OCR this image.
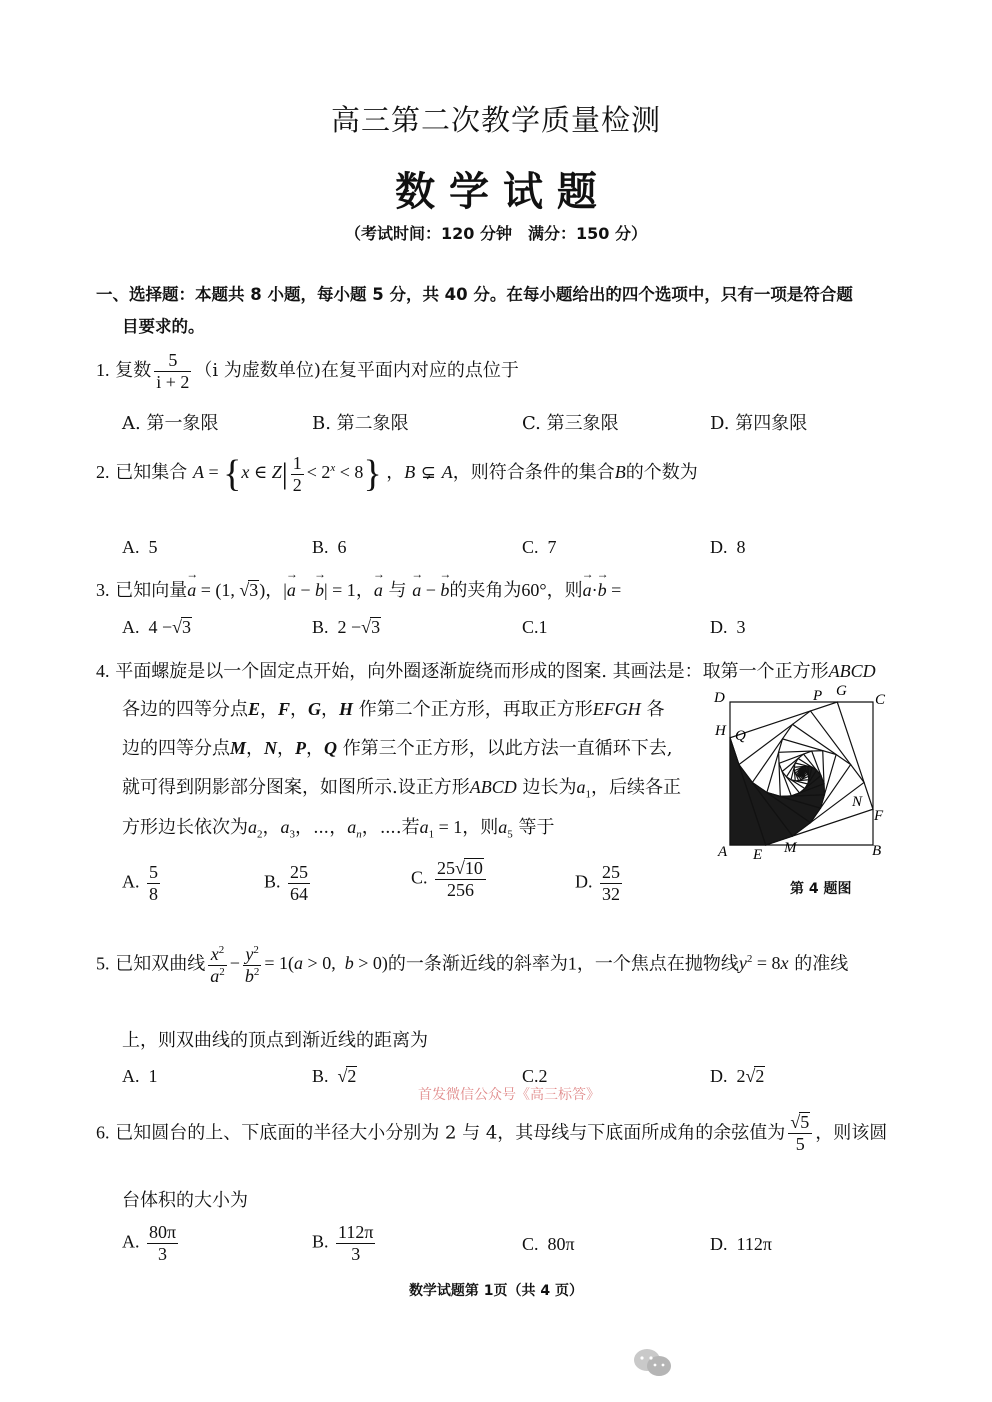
高三第二次教学质量检测
数 学 试 题
（考试时间：120 分钟　满分：150 分）
一、选择题：本题共 8 小题，每小题 5 分，共 40 分。在每小题给出的四个选项中，只有一项是符合题
目要求的。
1. 复数 $\frac{5}{i + 2} (i$ 为虚数单位)在复平面内对应的点位于
A. 第一象限	B. 第二象限	C. 第三象限	D. 第四象限
2. 已知集合 A = {x ∈ $Z| \frac{1}{2} < 2^x < 8$} ，B ⊊ A，则符合条件的集合B的个数为
A.  5	B.  6	C.  7	D.  8
3. 已知向量→ a = (1, √3)，|→ a − → b| = 1，→ a 与 → a − → b的夹角为60°，则→ a·→ b =
A.  4 −√3	B.  2 −√3	C.1	D.  3
4. 平面螺旋是以一个固定点开始，向外圈逐渐旋绕而形成的图案. 其画法是：取第一个正方形ABCD
各边的四等分点E，F，G，H 作第二个正方形，再取正方形EFGH 各
边的四等分点M，N，P，Q 作第三个正方形，以此方法一直循环下去,
就可得到阴影部分图案，如图所示.设正方形ABCD 边长为$a_1$，后续各正
方形边长依次为$a_2$，$a_3$，⋯，$a_n$，⋯.若$a_1 = 1$，则$a_5$ 等于
D	C
A	B
H
G
P
Q
F
N
E M
第 4 题图
A. $\frac{5}{8}$	B. $\frac{25}{64}$	C. $\frac{25√10}{256}$	D. $\frac{25}{32}$
5. 已知双曲线 $\frac{x^2}{a^2} - \frac{y^2}{b^2} = 1(a > 0$,  b > 0)的一条渐近线的斜率为1，一个焦点在抛物线$y^2 = 8x$ 的准线
上，则双曲线的顶点到渐近线的距离为
A.  1	B.  √2	C.2	D.  2√2
首发微信公众号《高三标答》
6. 已知圆台的上、下底面的半径大小分别为 2 与 4，其母线与下底面所成角的余弦值为 $\frac{√5}{5}$ ，则该圆
台体积的大小为
A. $\frac{80\pi}{3}$	B. $\frac{112\pi}{3}$	C.  80π	D.  112π
数学试题第 1页（共 4 页）
